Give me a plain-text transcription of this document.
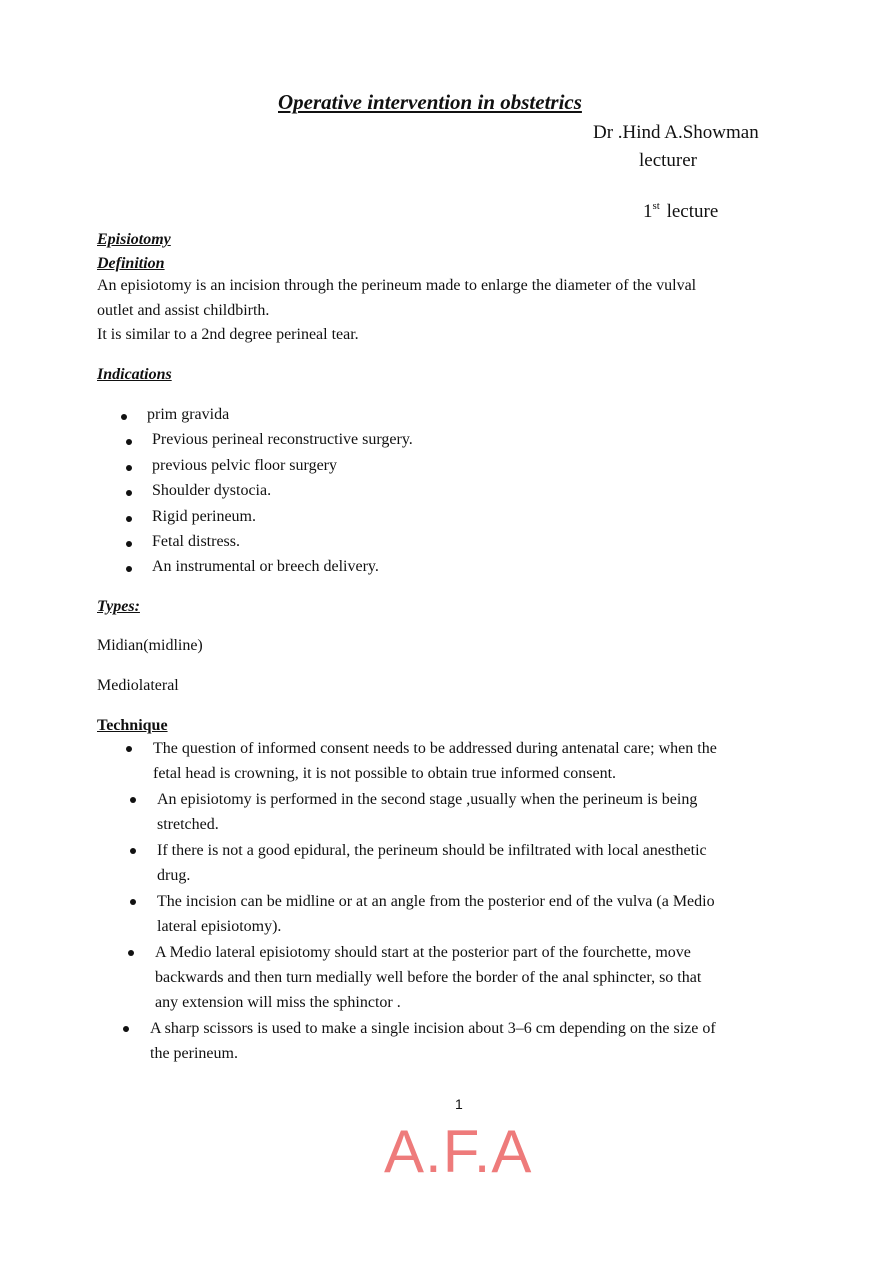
Operative intervention in obstetrics
Dr .Hind A.Showman
lecturer
1st lecture
Episiotomy
Definition
An episiotomy is an incision through the perineum made to enlarge the diameter of the vulval
outlet and assist childbirth.
It is similar to a 2nd degree perineal tear.
Indications
prim gravida
Previous perineal reconstructive surgery.
previous pelvic floor surgery
Shoulder dystocia.
Rigid perineum.
Fetal distress.
An instrumental or breech delivery.
Types:
Midian(midline)
Mediolateral
Technique
The question of informed consent needs to be addressed during antenatal care; when the
fetal head is crowning, it is not possible to obtain true informed consent.
An episiotomy is performed in the second stage ,usually when the perineum is being
stretched.
If there is not a good epidural, the perineum should be infiltrated with local anesthetic
drug.
The incision can be midline or at an angle from the posterior end of the vulva (a Medio
lateral episiotomy).
A Medio lateral episiotomy should start at the posterior part of the fourchette, move
backwards and then turn medially well before the border of the anal sphincter, so that
any extension will miss the sphinctor .
A sharp scissors is used to make a single incision about 3–6 cm depending on the size of
the perineum.
1
A.F.A
